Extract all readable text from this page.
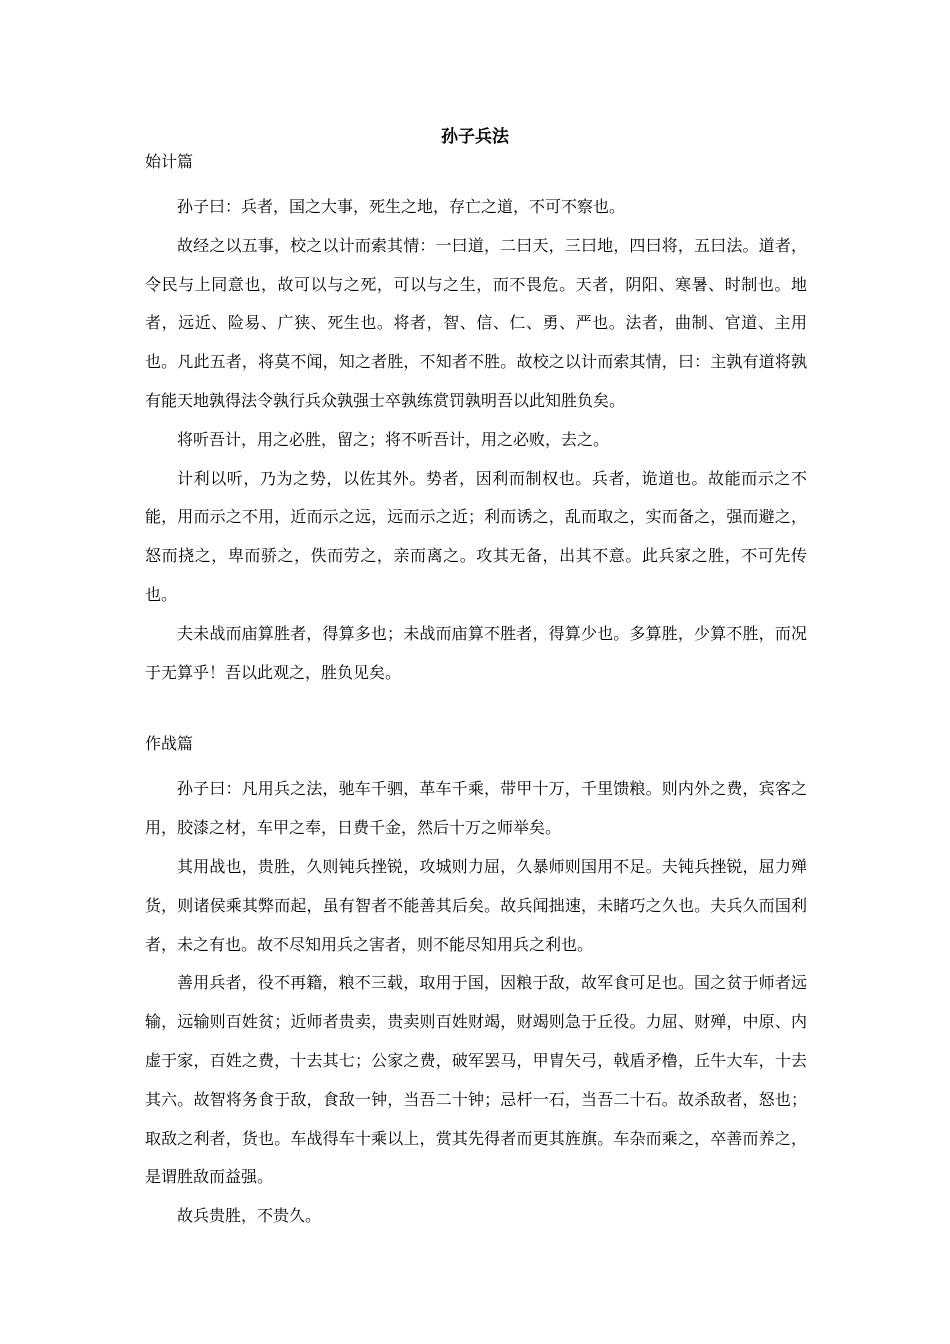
孙子兵法
始计篇

孙子曰：兵者，国之大事，死生之地，存亡之道，不可不察也。

故经之以五事，校之以计而索其情：一曰道，二曰天，三曰地，四曰将，五曰法。道者，令民与上同意也，故可以与之死，可以与之生，而不畏危。天者，阴阳、寒暑、时制也。地者，远近、险易、广狭、死生也。将者，智、信、仁、勇、严也。法者，曲制、官道、主用也。凡此五者，将莫不闻，知之者胜，不知者不胜。故校之以计而索其情，曰：主孰有道将孰有能天地孰得法令孰行兵众孰强士卒孰练赏罚孰明吾以此知胜负矣。

将听吾计，用之必胜，留之；将不听吾计，用之必败，去之。

计利以听，乃为之势，以佐其外。势者，因利而制权也。兵者，诡道也。故能而示之不能，用而示之不用，近而示之远，远而示之近；利而诱之，乱而取之，实而备之，强而避之，怒而挠之，卑而骄之，佚而劳之，亲而离之。攻其无备，出其不意。此兵家之胜，不可先传也。

夫未战而庙算胜者，得算多也；未战而庙算不胜者，得算少也。多算胜，少算不胜，而况于无算乎！吾以此观之，胜负见矣。

作战篇

孙子曰：凡用兵之法，驰车千驷，革车千乘，带甲十万，千里馈粮。则内外之费，宾客之用，胶漆之材，车甲之奉，日费千金，然后十万之师举矣。

其用战也，贵胜，久则钝兵挫锐，攻城则力屈，久暴师则国用不足。夫钝兵挫锐，屈力殚货，则诸侯乘其弊而起，虽有智者不能善其后矣。故兵闻拙速，未睹巧之久也。夫兵久而国利者，未之有也。故不尽知用兵之害者，则不能尽知用兵之利也。

善用兵者，役不再籍，粮不三载，取用于国，因粮于敌，故军食可足也。国之贫于师者远输，远输则百姓贫；近师者贵卖，贵卖则百姓财竭，财竭则急于丘役。力屈、财殚，中原、内虚于家，百姓之费，十去其七；公家之费，破军罢马，甲胄矢弓，戟盾矛橹，丘牛大车，十去其六。故智将务食于敌，食敌一钟，当吾二十钟；忌杆一石，当吾二十石。故杀敌者，怒也；取敌之利者，货也。车战得车十乘以上，赏其先得者而更其旌旗。车杂而乘之，卒善而养之，是谓胜敌而益强。

故兵贵胜，不贵久。
